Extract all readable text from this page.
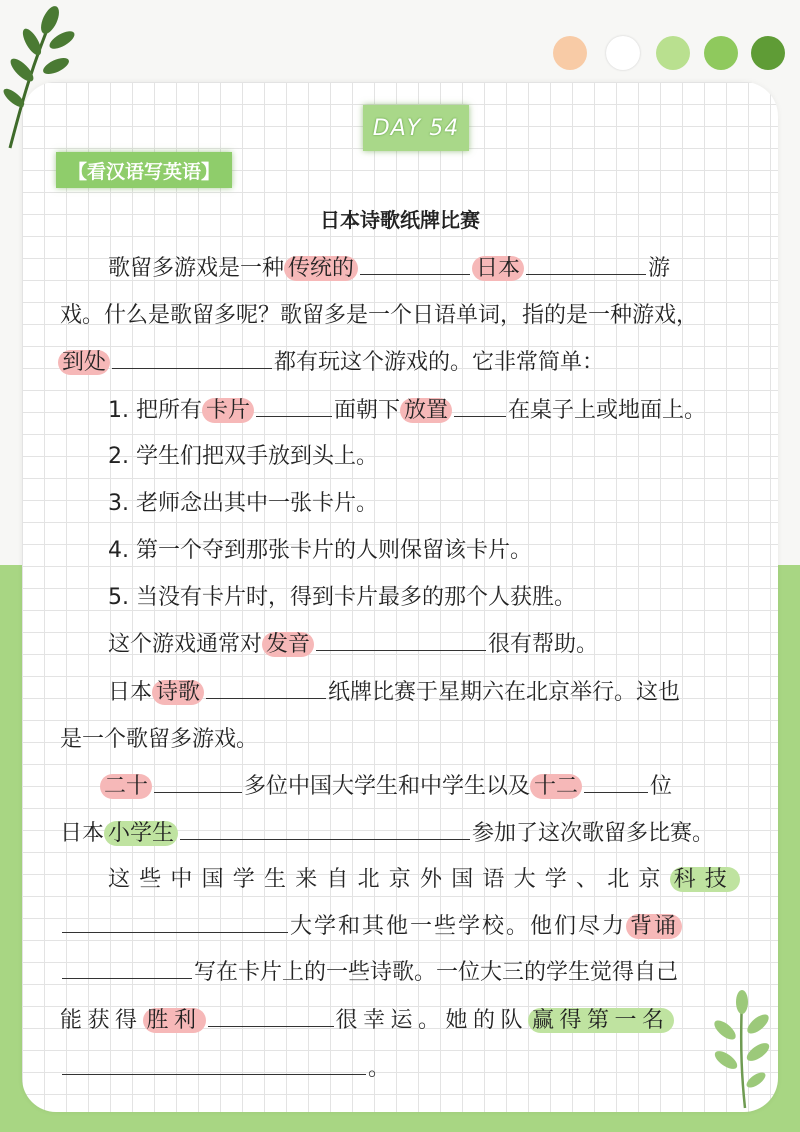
DAY 54
【看汉语写英语】
日本诗歌纸牌比赛
歌留多游戏是一种 传统的	日本	游
戏。什么是歌留多呢？歌留多是一个日语单词，指的是一种游戏，
到处	都有玩这个游戏的。它非常简单：
1. 把所有 卡片	面朝下 放置	在桌子上或地面上。
2. 学生们把双手放到头上。
3. 老师念出其中一张卡片。
4. 第一个夺到那张卡片的人则保留该卡片。
5. 当没有卡片时，得到卡片最多的那个人获胜。
这个游戏通常对 发音	很有帮助。
日本 诗歌	纸牌比赛于星期六在北京举行。这也
是一个歌留多游戏。
二十	多位中国大学生和中学生以及 十二	位
日本 小学生	参加了这次歌留多比赛。
这些中国学生来自北京外国语大学、北京 科技
大学和其他一些学校。他们尽力 背诵
写在卡片上的一些诗歌。一位大三的学生觉得自己
能获得 胜利	很幸运。她的队 赢得第一名
。
